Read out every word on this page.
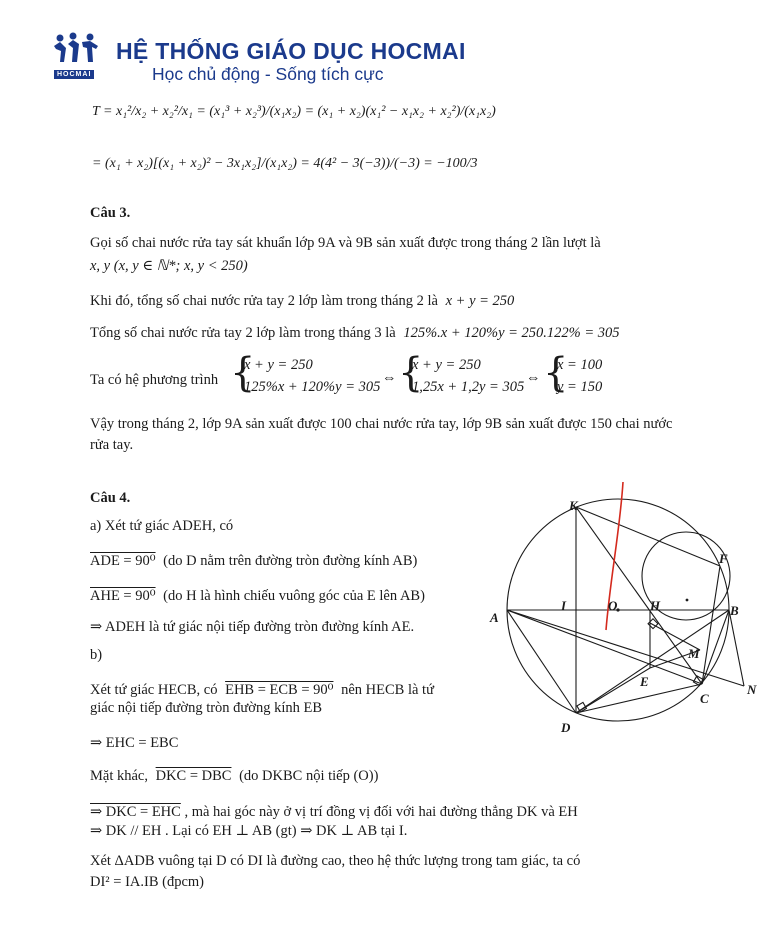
HOCMAI
HỆ THỐNG GIÁO DỤC HOCMAI
Học chủ động - Sống tích cực
T = x₁²/x₂ + x₂²/x₁ = (x₁³ + x₂³)/(x₁x₂) = (x₁ + x₂)(x₁² − x₁x₂ + x₂²)/(x₁x₂)
= (x₁ + x₂)[(x₁ + x₂)² − 3x₁x₂]/(x₁x₂) = 4(4² − 3(−3))/(−3) = −100/3
Câu 3.
Gọi số chai nước rửa tay sát khuẩn lớp 9A và 9B sản xuất được trong tháng 2 lần lượt là
x, y (x, y ∈ ℕ*; x, y < 250)
Khi đó, tổng số chai nước rửa tay 2 lớp làm trong tháng 2 là x + y = 250
Tổng số chai nước rửa tay 2 lớp làm trong tháng 3 là 125%.x + 120%y = 250.122% = 305
Ta có hệ phương trình {
x + y = 250
125%x + 120%y = 305
⇔ {
x + y = 250
1,25x + 1,2y = 305
⇔ {
x = 100
y = 150
Vậy trong tháng 2, lớp 9A sản xuất được 100 chai nước rửa tay, lớp 9B sản xuất được 150 chai nước rửa tay.
Câu 4.
a) Xét tứ giác ADEH, có
ADE = 90⁰ (do D nằm trên đường tròn đường kính AB)
AHE = 90⁰ (do H là hình chiếu vuông góc của E lên AB)
⇒ ADEH là tứ giác nội tiếp đường tròn đường kính AE.
b)
Xét tứ giác HECB, có EHB = ECB = 90⁰ nên HECB là tứ
giác nội tiếp đường tròn đường kính EB
⇒ EHC = EBC
Mặt khác, DKC = DBC (do DKBC nội tiếp (O))
⇒ DKC = EHC , mà hai góc này ở vị trí đồng vị đối với hai đường thẳng DK và EH
⇒ DK // EH . Lại có EH ⊥ AB (gt) ⇒ DK ⊥ AB tại I.
Xét ΔADB vuông tại D có DI là đường cao, theo hệ thức lượng trong tam giác, ta có
DI² = IA.IB (đpcm)
K
F
A
I	O	H	B
M
E
C
N
D
